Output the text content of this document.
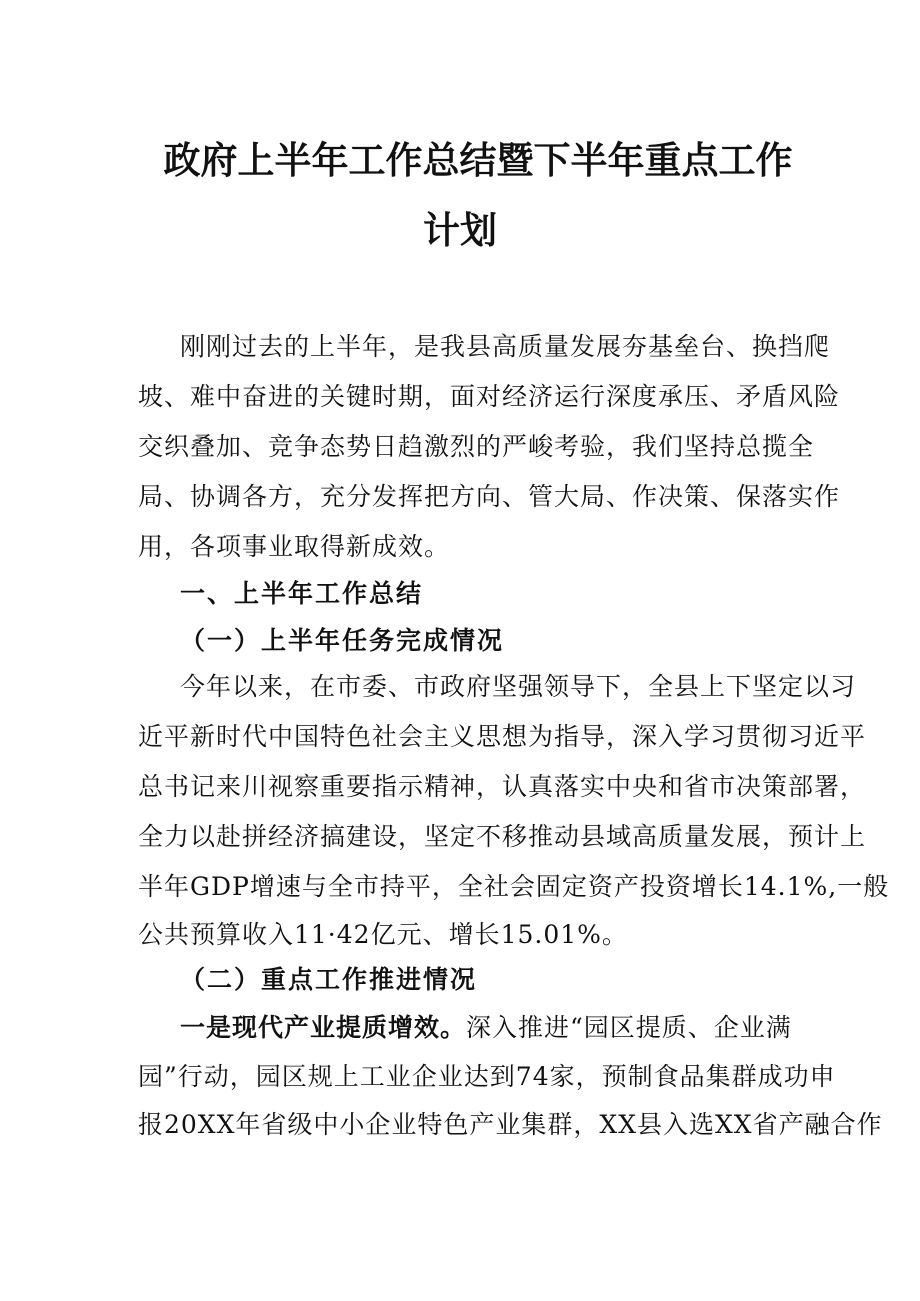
政府上半年工作总结暨下半年重点工作
计划
刚刚过去的上半年，是我县高质量发展夯基垒台、换挡爬
坡、难中奋进的关键时期，面对经济运行深度承压、矛盾风险
交织叠加、竞争态势日趋激烈的严峻考验，我们坚持总揽全
局、协调各方，充分发挥把方向、管大局、作决策、保落实作
用，各项事业取得新成效。
一、上半年工作总结
（一）上半年任务完成情况
今年以来，在市委、市政府坚强领导下，全县上下坚定以习
近平新时代中国特色社会主义思想为指导，深入学习贯彻习近平
总书记来川视察重要指示精神，认真落实中央和省市决策部署，
全力以赴拼经济搞建设，坚定不移推动县域高质量发展，预计上
半年GDP增速与全市持平，全社会固定资产投资增长14.1%,一般
公共预算收入11·42亿元、增长15.01%。
（二）重点工作推进情况
一是现代产业提质增效。深入推进“园区提质、企业满
园”行动，园区规上工业企业达到74家，预制食品集群成功申
报20XX年省级中小企业特色产业集群，XX县入选XX省产融合作
